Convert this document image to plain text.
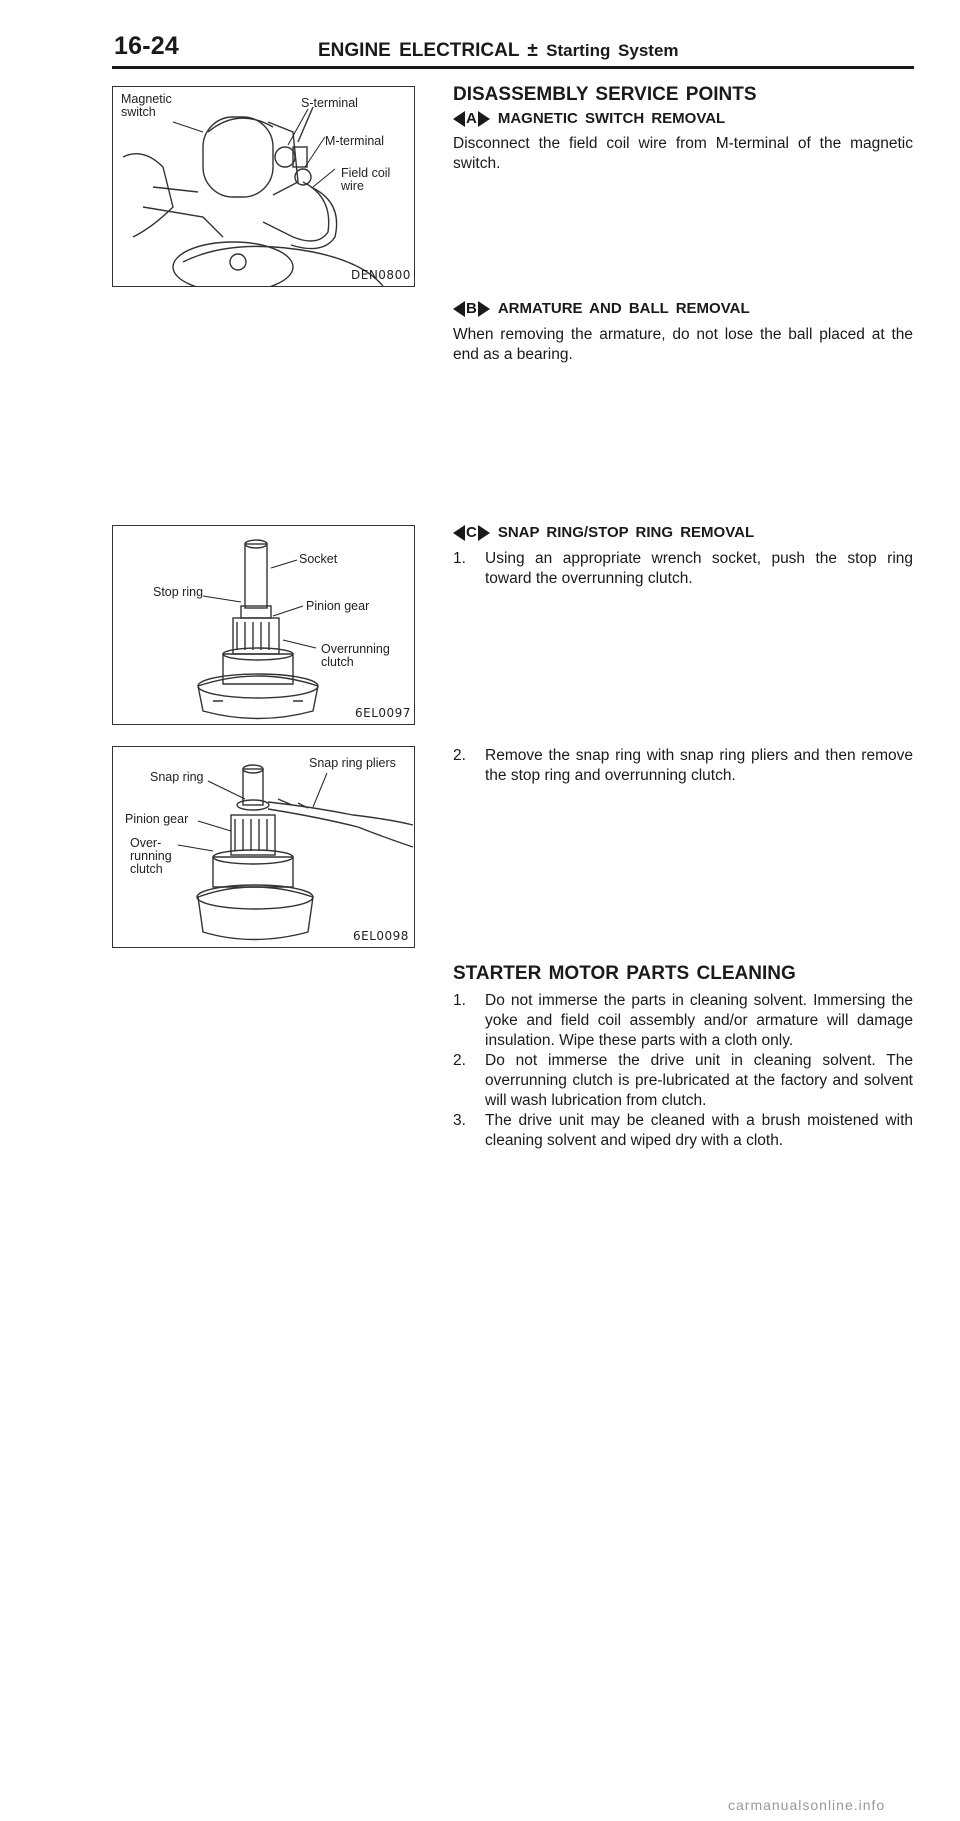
16-24	ENGINE ELECTRICAL ± Starting System
Magnetic
switch
S-terminal
M-terminal
Field coil
wire
DEN0800
Socket
Stop ring
Pinion gear
Overrunning
clutch
6EL0097
Snap ring
Snap ring pliers
Pinion gear
Over-
running
clutch
6EL0098
DISASSEMBLY SERVICE POINTS
A MAGNETIC SWITCH REMOVAL
Disconnect the field coil wire from M-terminal of the magnetic switch.
B ARMATURE AND BALL REMOVAL
When removing the armature, do not lose the ball placed at the end as a bearing.
C SNAP RING/STOP RING REMOVAL
1.	Using an appropriate wrench socket, push the stop ring toward the overrunning clutch.
2.	Remove the snap ring with snap ring pliers and then remove the stop ring and overrunning clutch.
STARTER MOTOR PARTS CLEANING
1.	Do not immerse the parts in cleaning solvent. Immersing the yoke and field coil assembly and/or armature will damage insulation. Wipe these parts with a cloth only.
2.	Do not immerse the drive unit in cleaning solvent. The overrunning clutch is pre-lubricated at the factory and solvent will wash lubrication from clutch.
3.	The drive unit may be cleaned with a brush moistened with cleaning solvent and wiped dry with a cloth.
carmanualsonline.info
